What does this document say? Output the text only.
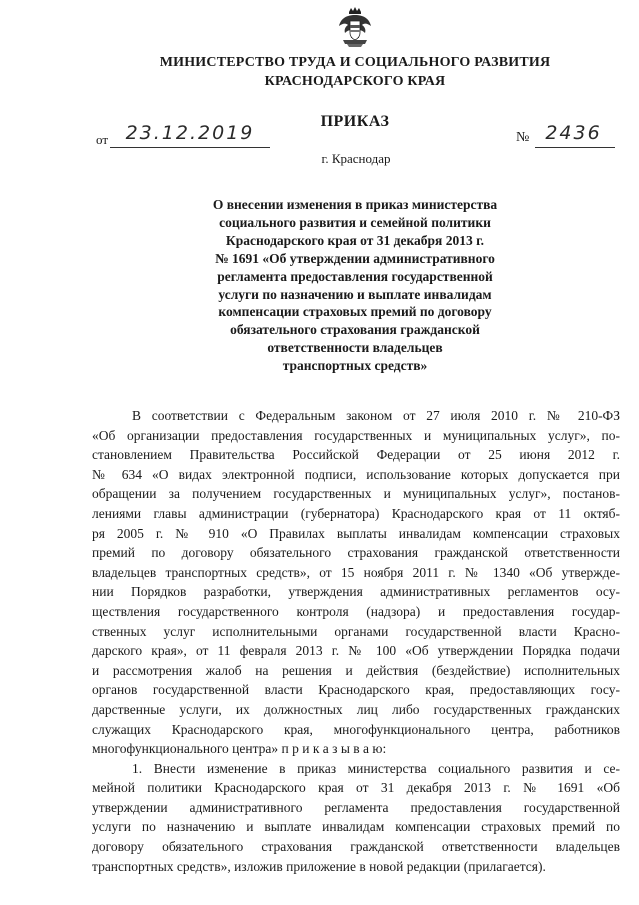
МИНИСТЕРСТВО ТРУДА И СОЦИАЛЬНОГО РАЗВИТИЯ
КРАСНОДАРСКОГО КРАЯ
ПРИКАЗ
от 23.12.2019	№ 2436
г. Краснодар
О внесении изменения в приказ министерства
социального развития и семейной политики
Краснодарского края от 31 декабря 2013 г.
№ 1691 «Об утверждении административного
регламента предоставления государственной
услуги по назначению и выплате инвалидам
компенсации страховых премий по договору
обязательного страхования гражданской
ответственности владельцев
транспортных средств»
В соответствии с Федеральным законом от 27 июля 2010 г. № 210-ФЗ
«Об организации предоставления государственных и муниципальных услуг», по-
становлением Правительства Российской Федерации от 25 июня 2012 г.
№ 634 «О видах электронной подписи, использование которых допускается при
обращении за получением государственных и муниципальных услуг», постанов-
лениями главы администрации (губернатора) Краснодарского края от 11 октяб-
ря 2005 г. № 910 «О Правилах выплаты инвалидам компенсации страховых
премий по договору обязательного страхования гражданской ответственности
владельцев транспортных средств», от 15 ноября 2011 г. № 1340 «Об утвержде-
нии Порядков разработки, утверждения административных регламентов осу-
ществления государственного контроля (надзора) и предоставления государ-
ственных услуг исполнительными органами государственной власти Красно-
дарского края», от 11 февраля 2013 г. № 100 «Об утверждении Порядка подачи
и рассмотрения жалоб на решения и действия (бездействие) исполнительных
органов государственной власти Краснодарского края, предоставляющих госу-
дарственные услуги, их должностных лиц либо государственных гражданских
служащих Краснодарского края, многофункционального центра, работников
многофункционального центра» п р и к а з ы в а ю:
1. Внести изменение в приказ министерства социального развития и се-
мейной политики Краснодарского края от 31 декабря 2013 г. № 1691 «Об
утверждении административного регламента предоставления государственной
услуги по назначению и выплате инвалидам компенсации страховых премий по
договору обязательного страхования гражданской ответственности владельцев
транспортных средств», изложив приложение в новой редакции (прилагается).
